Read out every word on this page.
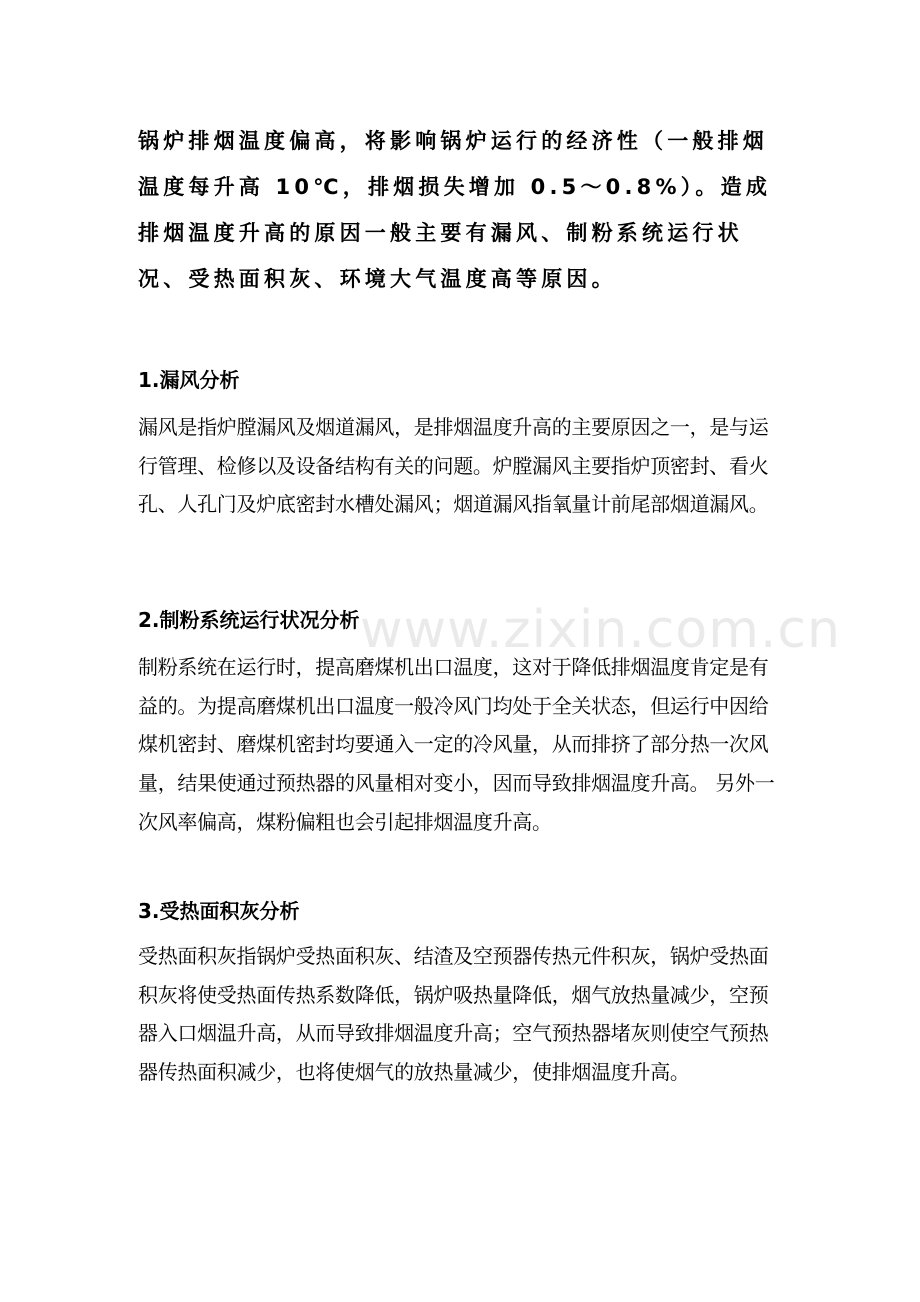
锅炉排烟温度偏高，将影响锅炉运行的经济性（一般排烟温度每升高 10℃，排烟损失增加 0.5～0.8%）。造成排烟温度升高的原因一般主要有漏风、制粉系统运行状况、受热面积灰、环境大气温度高等原因。

1.漏风分析

漏风是指炉膛漏风及烟道漏风，是排烟温度升高的主要原因之一，是与运行管理、检修以及设备结构有关的问题。炉膛漏风主要指炉顶密封、看火孔、人孔门及炉底密封水槽处漏风；烟道漏风指氧量计前尾部烟道漏风。

2.制粉系统运行状况分析

制粉系统在运行时，提高磨煤机出口温度，这对于降低排烟温度肯定是有益的。为提高磨煤机出口温度一般冷风门均处于全关状态，但运行中因给煤机密封、磨煤机密封均要通入一定的冷风量，从而排挤了部分热一次风量，结果使通过预热器的风量相对变小，因而导致排烟温度升高。 另外一次风率偏高，煤粉偏粗也会引起排烟温度升高。

3.受热面积灰分析

受热面积灰指锅炉受热面积灰、结渣及空预器传热元件积灰，锅炉受热面积灰将使受热面传热系数降低，锅炉吸热量降低，烟气放热量减少，空预器入口烟温升高，从而导致排烟温度升高；空气预热器堵灰则使空气预热器传热面积减少，也将使烟气的放热量减少，使排烟温度升高。

www.zixin.com.cn
